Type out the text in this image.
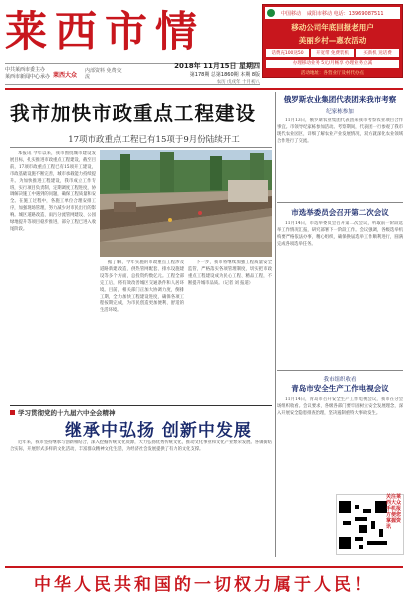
莱西市情	中国移动 咸阳市移动 电话：13969087511
移动公司年底回报老用户
美丽乡村—惠农活动
话费充100送50	开宽带 免费装机	买新机 送话费
办理移动业务 5元/月畅享 办理业务立减
活动地址：各营业厅及村代办点
中共莱西市委主办
莱西市新闻中心承办 莱西大众
内部资料 免费交流
2018年 11月15日 星期四
第178期 总第1860期 本期 8版
农历 戊戌年 十月初八
我市加快市政重点工程建设
17项市政重点工程已有15项于9月份陆续开工

本报讯 今年以来，我市围绕城市建设发展目标，扎实推进市政重点工程建设，截至目前，17项市政重点工程已有15项开工建设，市政基础设施不断完善，城市承载能力持续提升。为加快推进工程建设，我市成立工作专班，实行项目负责制，定期调度工程进度，协调解决施工中遇到的问题，确保工程质量和安全。在施工过程中，各施工单位合理安排工序，加强现场管理，努力减少对市民出行的影响。城区道路改造、雨污分流管网建设、公园绿地提升等项目稳步推进，部分工程已进入收尾阶段。

据了解，今年实施的市政重点工程涉及道路新建改造、供热管网配套、排水设施建设等多个方面，总投资约数亿元。工程全部完工后，将有效改善城区交通条件和人居环境。目前，相关部门正加大协调力度，倒排工期，全力加快工程建设进度，确保各项工程按期完成，为市民创造更加便利、舒适的生活环境。

下一步，我市将继续加强工程质量安全监管，严格落实各项管理制度，切实把市政重点工程建设成为民心工程、精品工程，不断提升城市品质。（记者 刘 报道）

俄罗斯农业集团代表团来我市考察
纪家栋参加

11月13日，俄罗斯农业集团代表团来我市考察农业项目合作事宜。市领导纪家栋参加活动。考察期间，代表团一行参观了我市现代农业园区，详细了解农业产业发展情况，双方就深化农业领域合作进行了交流。

市选举委员会召开第二次会议

11月14日，市选举委员会召开第二次会议，听取前一阶段选举工作情况汇报，研究部署下一阶段工作。会议强调，各级选举机构要严格依法办事，精心组织，确保换届选举工作顺利进行，圆满完成各项选举任务。

我市组织收看
青岛市安全生产工作电视会议

11月14日，青岛市召开安全生产工作电视会议，我市在分会场组织收看。会议要求，各级各部门要牢固树立安全发展理念，深入开展安全隐患排查治理，坚决遏制重特大事故发生。

关注莱西大众手机报 方便您掌握资讯
学习贯彻党的十九届六中全会精神
继承中弘扬 创新中发展

近年来，我市坚持继承与创新相结合，深入挖掘传统文化资源，大力弘扬优秀传统文化，推动文化事业和文化产业繁荣发展。各镇街结合实际，开展形式多样的文化活动，丰富群众精神文化生活，为经济社会发展提供了有力的文化支撑。

中华人民共和国的一切权力属于人民！
